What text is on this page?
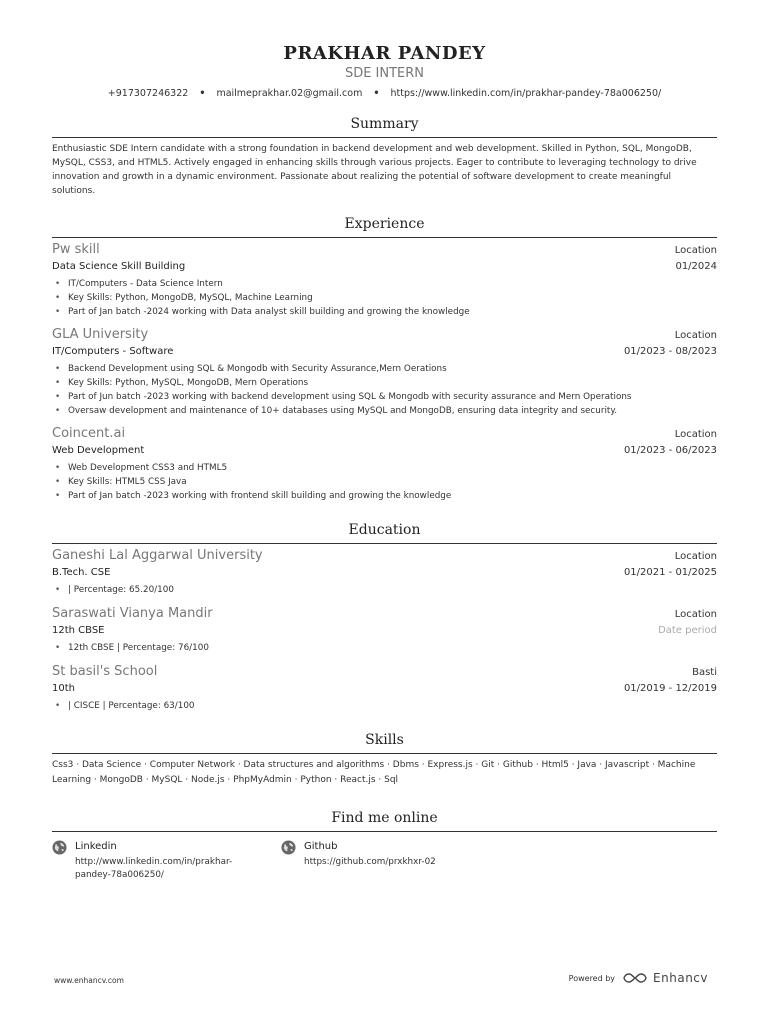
PRAKHAR PANDEY
SDE INTERN
+917307246322 • mailmeprakhar.02@gmail.com • https://www.linkedin.com/in/prakhar-pandey-78a006250/
Summary
Enthusiastic SDE Intern candidate with a strong foundation in backend development and web development. Skilled in Python, SQL, MongoDB, MySQL, CSS3, and HTML5. Actively engaged in enhancing skills through various projects. Eager to contribute to leveraging technology to drive innovation and growth in a dynamic environment. Passionate about realizing the potential of software development to create meaningful solutions.
Experience
Pw skill	Location
Data Science Skill Building	01/2024
• IT/Computers - Data Science Intern
• Key Skills: Python, MongoDB, MySQL, Machine Learning
• Part of Jan batch -2024 working with Data analyst skill building and growing the knowledge
GLA University	Location
IT/Computers - Software	01/2023 - 08/2023
• Backend Development using SQL & Mongodb with Security Assurance,Mern Oerations
• Key Skills: Python, MySQL, MongoDB, Mern Operations
• Part of Jun batch -2023 working with backend development using SQL & Mongodb with security assurance and Mern Operations
• Oversaw development and maintenance of 10+ databases using MySQL and MongoDB, ensuring data integrity and security.
Coincent.ai	Location
Web Development	01/2023 - 06/2023
• Web Development CSS3 and HTML5
• Key Skills: HTML5 CSS Java
• Part of Jan batch -2023 working with frontend skill building and growing the knowledge
Education
Ganeshi Lal Aggarwal University	Location
B.Tech. CSE	01/2021 - 01/2025
• | Percentage: 65.20/100
Saraswati Vianya Mandir	Location
12th CBSE	Date period
• 12th CBSE | Percentage: 76/100
St basil's School	Basti
10th	01/2019 - 12/2019
• | CISCE | Percentage: 63/100
Skills
Css3 · Data Science · Computer Network · Data structures and algorithms · Dbms · Express.js · Git · Github · Html5 · Java · Javascript · Machine Learning · MongoDB · MySQL · Node.js · PhpMyAdmin · Python · React.js · Sql
Find me online
Linkedin
http://www.linkedin.com/in/prakhar-pandey-78a006250/
Github
https://github.com/prxkhxr-02
www.enhancv.com	Powered by	Enhancv
